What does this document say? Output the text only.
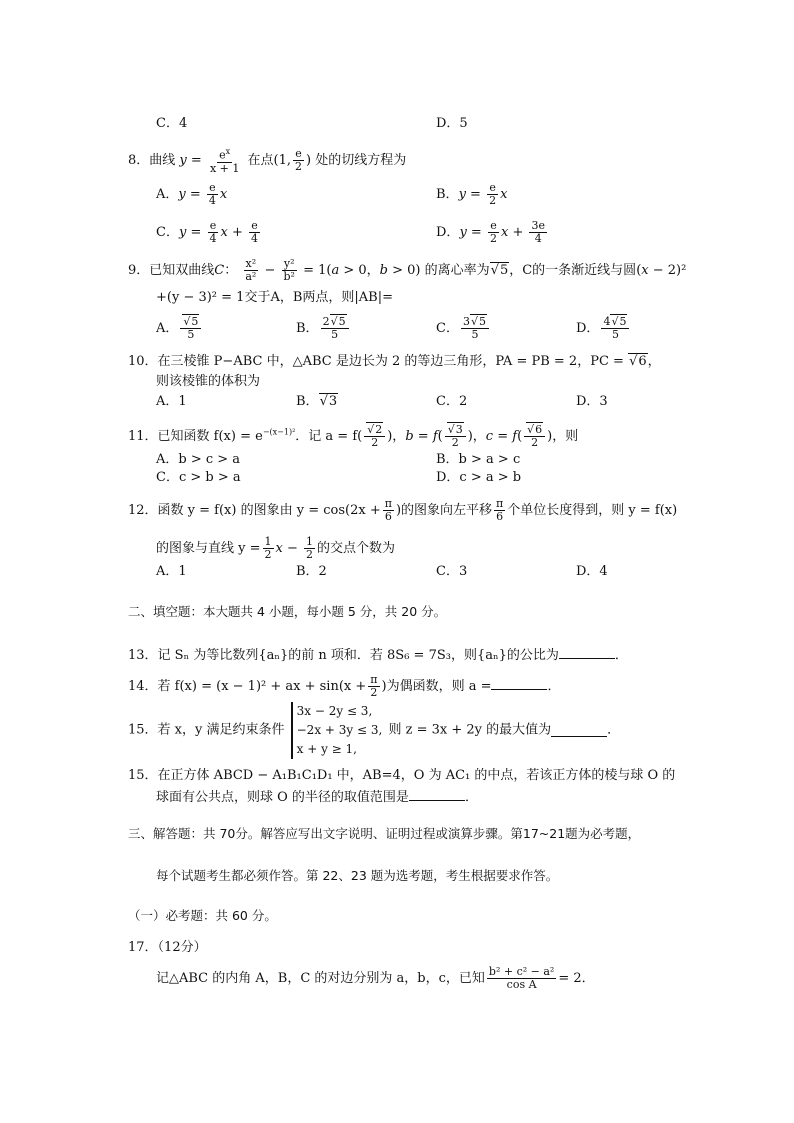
C．4	D．5
8．曲线 $y = \frac{e^x}{x + 1}$ 在点(1, $\frac{e}{2}$ ) 处的切线方程为
A．$y = \frac{e}{4}$ x	B．$y = \frac{e}{2}$ x
C．$y = \frac{e}{4}$ $x + \frac{e}{4}$	D．$y = \frac{e}{2}$ $x + \frac{3e}{4}$
9．已知双曲线C： $\frac{\text{x²}}{\text{a²}} - \frac{\text{y²}}{\text{b²}} = 1(a > 0$，b > 0) 的离心率为 √ 5，C的一条渐近线与圆(x − 2)²
+(y − 3)² = 1交于A，B两点，则|AB|=
A． √ $\frac{5}{5}$	B． $\frac{2 √ 5}{5}$	C． $\frac{3 √ 5}{5}$	D． $\frac{4 √ 5}{5}$
10．在三棱锥 P−ABC 中，△ABC 是边长为 2 的等边三角形，PA = PB = 2，PC = √ 6，
则该棱锥的体积为
A．1	B． √ 3	C．2	D．3
11．已知函数 $f(x) = e^{-(x-1)^2}$．记 a = f( √ $\frac{2}{2}$ )，b = f( √ $\frac{3}{2}$ )，c = f( √ $\frac{6}{2}$ )，则
A．b > c > a	B．b > a > c
C．c > b > a	D．c > a > b
12．函数 y = f(x) 的图象由 $y = \cos(2x + \frac{\pi}{6}$ )的图象向左平移 $\frac{\pi}{6}$ 个单位长度得到，则 y = f(x)
的图象与直线 $y = \frac{1}{2}$ $x - \frac{1}{2}$ 的交点个数为
A．1	B．2	C．3	D．4
二、填空题：本大题共 4 小题，每小题 5 分，共 20 分。
13．记 Sₙ 为等比数列{aₙ}的前 n 项和．若 8S₆ = 7S₃，则{aₙ}的公比为	．
14．若 f(x) = (x − 1)² + ax + $\sin(x + \frac{\pi}{2}$ )为偶函数，则 a =	．
15．若 x，y 满足约束条件
3x − 2y ≤ 3,
−2x + 3y ≤ 3,
x + y ≥ 1,
则 z = 3x + 2y 的最大值为	．
15．在正方体 ABCD − A₁B₁C₁D₁ 中，AB=4，O 为 AC₁ 的中点，若该正方体的棱与球 O 的
球面有公共点，则球 O 的半径的取值范围是	．
三、解答题：共 70分。解答应写出文字说明、证明过程或演算步骤。第17~21题为必考题，
每个试题考生都必须作答。第 22、23 题为选考题，考生根据要求作答。
（一）必考题：共 60 分。
17．（12分）
记△ABC 的内角 A，B，C 的对边分别为 a，b，c，已知 $\frac{\text{b² + c² − a²}}{\text{cos A}} = 2$．
